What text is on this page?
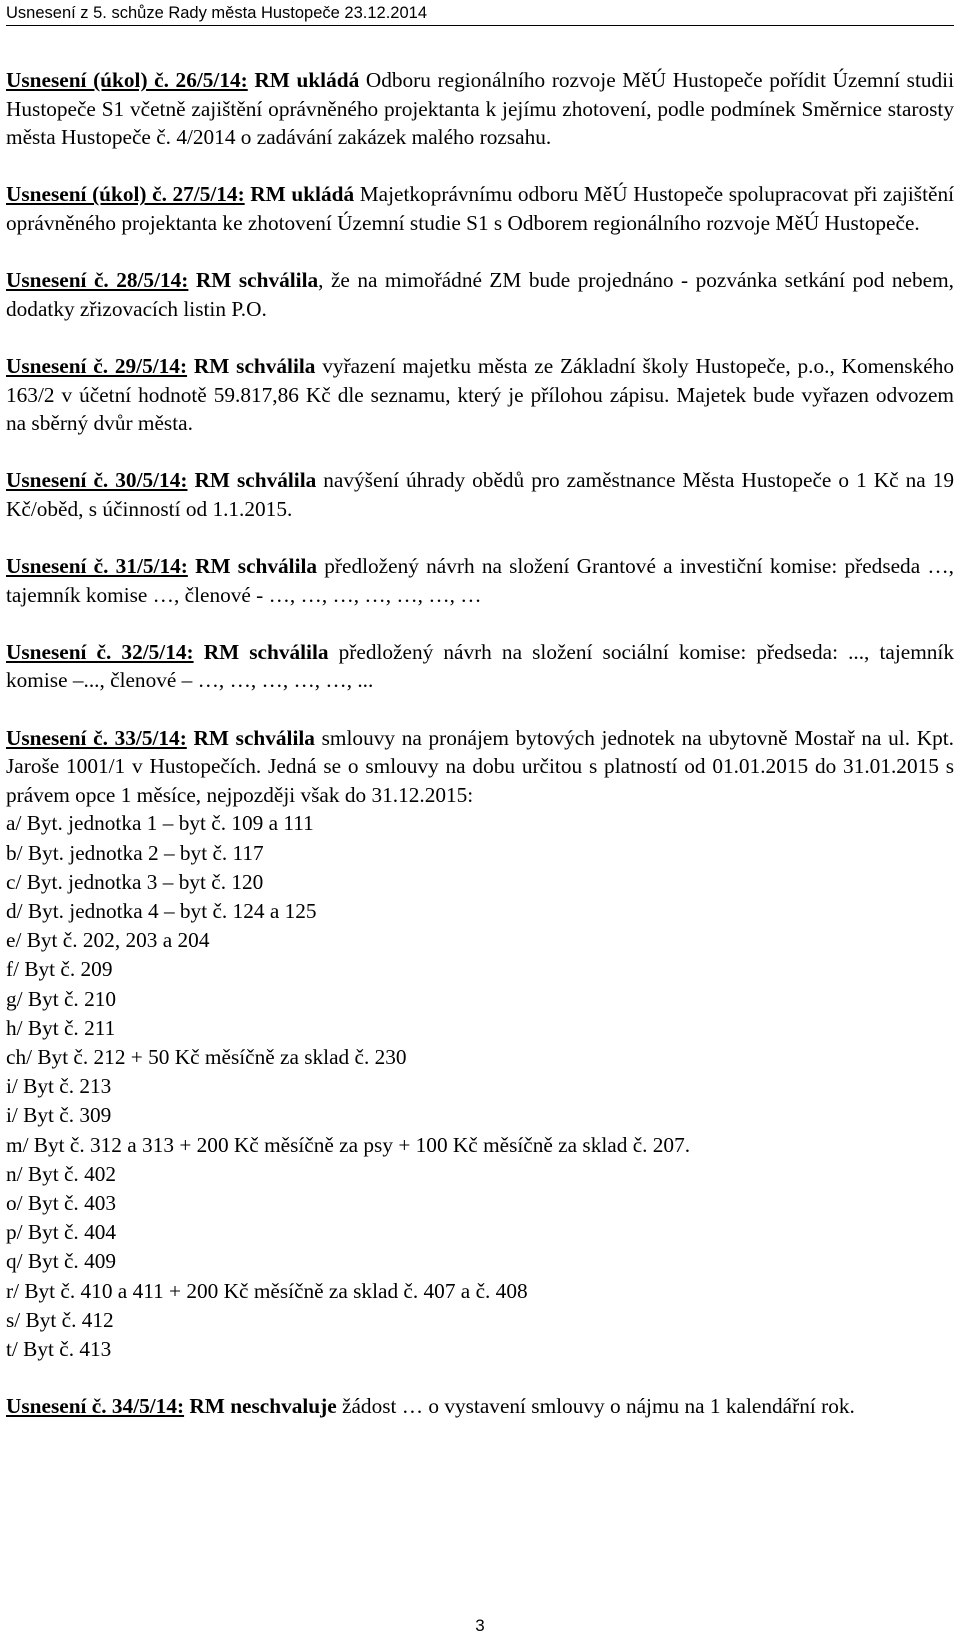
Usnesení z 5. schůze Rady města Hustopeče 23.12.2014

Usnesení (úkol) č. 26/5/14: RM ukládá Odboru regionálního rozvoje MěÚ Hustopeče pořídit Územní studii Hustopeče S1 včetně zajištění oprávněného projektanta k jejímu zhotovení, podle podmínek Směrnice starosty města Hustopeče č. 4/2014 o zadávání zakázek malého rozsahu.

Usnesení (úkol) č. 27/5/14: RM ukládá Majetkoprávnímu odboru MěÚ Hustopeče spolupracovat při zajištění oprávněného projektanta ke zhotovení Územní studie S1 s Odborem regionálního rozvoje MěÚ Hustopeče.

Usnesení č. 28/5/14: RM schválila, že na mimořádné ZM bude projednáno - pozvánka setkání pod nebem, dodatky zřizovacích listin P.O.

Usnesení č. 29/5/14: RM schválila vyřazení majetku města ze Základní školy Hustopeče, p.o., Komenského 163/2 v účetní hodnotě 59.817,86 Kč dle seznamu, který je přílohou zápisu. Majetek bude vyřazen odvozem na sběrný dvůr města.

Usnesení č. 30/5/14: RM schválila navýšení úhrady obědů pro zaměstnance Města Hustopeče o 1 Kč na 19 Kč/oběd, s účinností od 1.1.2015.

Usnesení č. 31/5/14: RM schválila předložený návrh na složení Grantové a investiční komise: předseda …, tajemník komise …, členové - …, …, …, …, …, …, …

Usnesení č. 32/5/14: RM schválila předložený návrh na složení sociální komise: předseda: ..., tajemník komise –..., členové – …, …, …, …, …, ...

Usnesení č. 33/5/14: RM schválila smlouvy na pronájem bytových jednotek na ubytovně Mostař na ul. Kpt. Jaroše 1001/1 v Hustopečích. Jedná se o smlouvy na dobu určitou s platností od 01.01.2015 do 31.01.2015 s právem opce 1 měsíce, nejpozději však do 31.12.2015:

a/ Byt. jednotka 1 – byt č. 109 a 111
b/ Byt. jednotka 2 – byt č. 117
c/ Byt. jednotka 3 – byt č. 120
d/ Byt. jednotka 4 – byt č. 124 a 125
e/ Byt č. 202, 203 a 204
f/ Byt č. 209
g/ Byt č. 210
h/ Byt č. 211
ch/ Byt č. 212 + 50 Kč měsíčně za sklad č. 230
i/ Byt č. 213
i/ Byt č. 309
m/ Byt č. 312 a 313 + 200 Kč měsíčně za psy + 100 Kč měsíčně za sklad č. 207.
n/ Byt č. 402
o/ Byt č. 403
p/ Byt č. 404
q/ Byt č. 409
r/ Byt č. 410 a 411 + 200 Kč měsíčně za sklad č. 407 a č. 408
s/ Byt č. 412
t/ Byt č. 413

Usnesení č. 34/5/14: RM neschvaluje žádost … o vystavení smlouvy o nájmu na 1 kalendářní rok.

3
